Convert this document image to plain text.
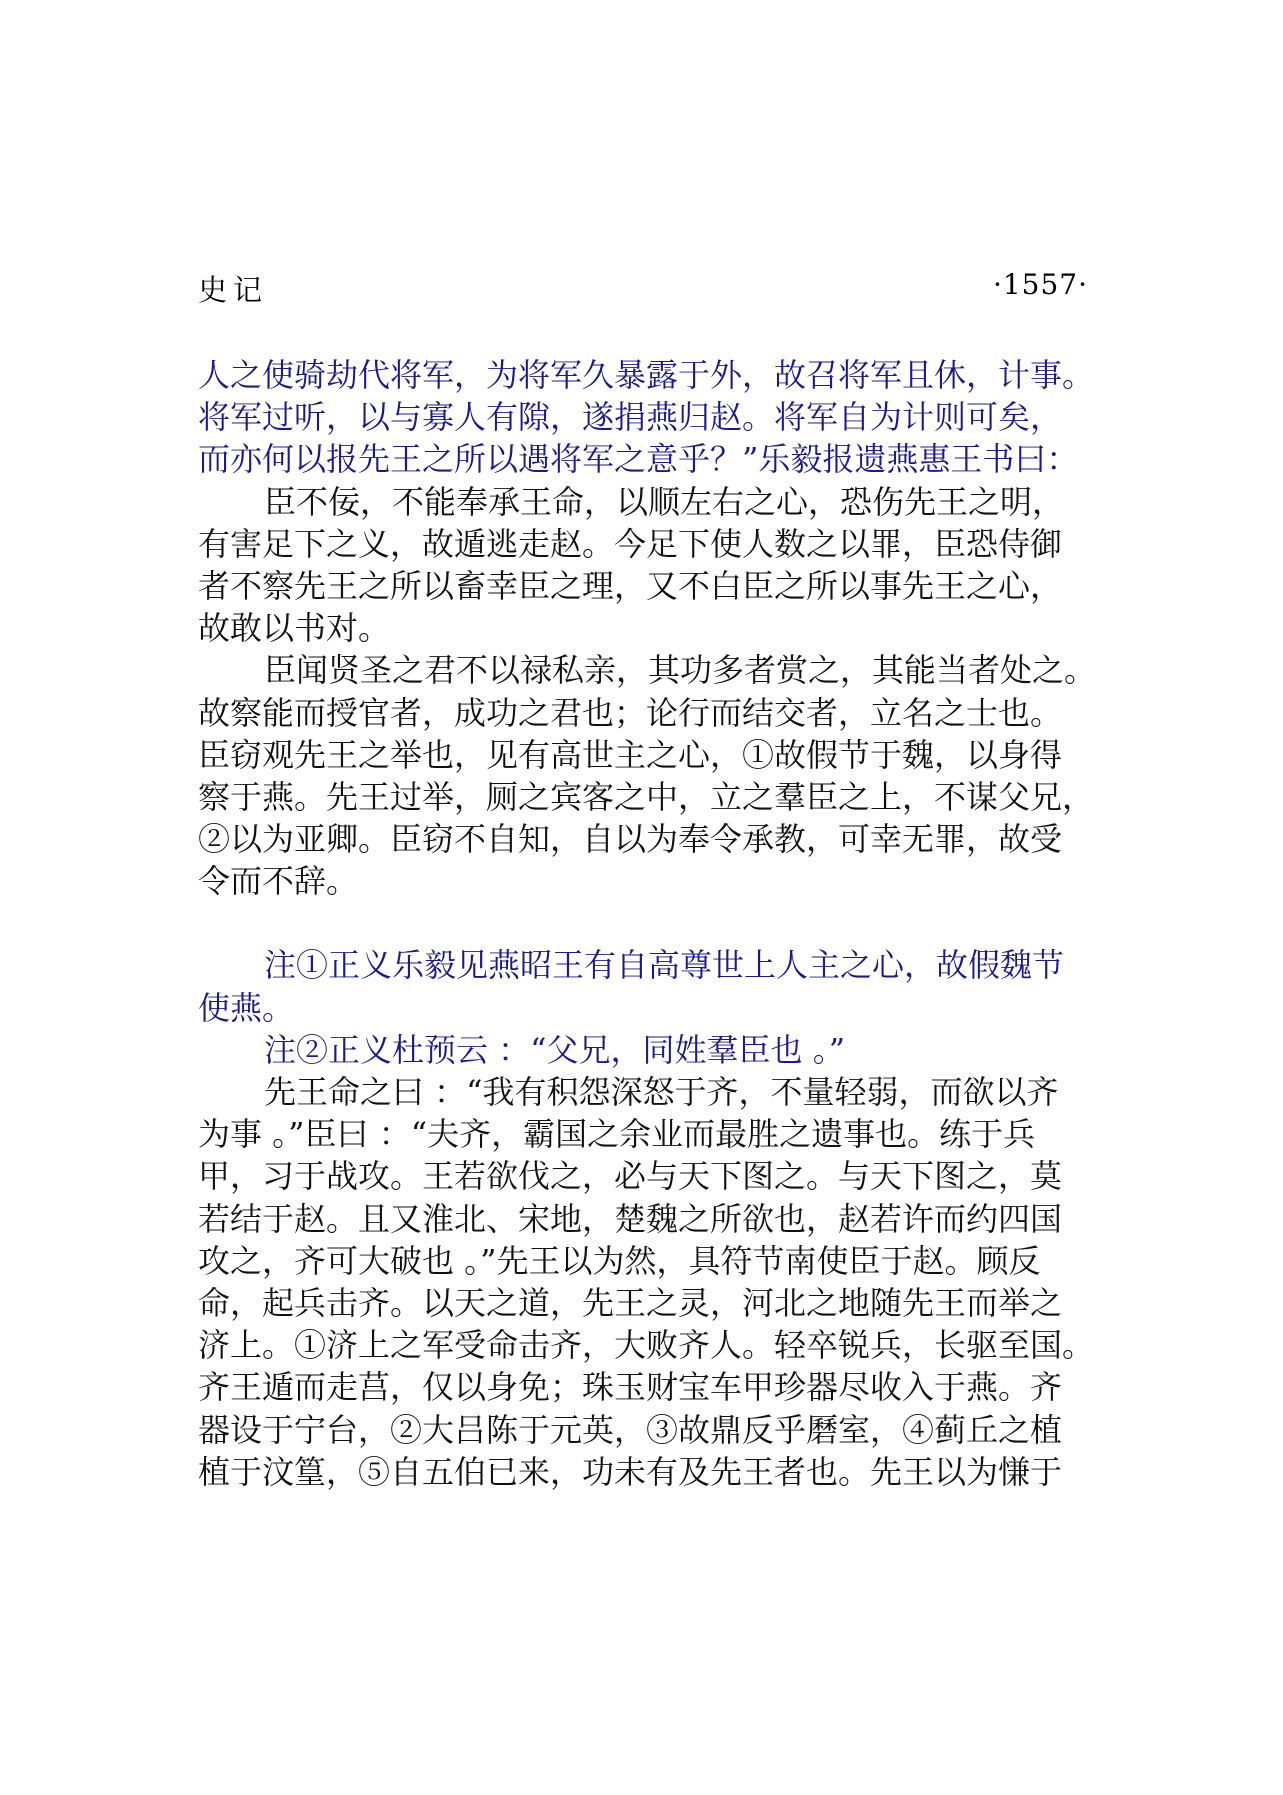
史记	·1557·
人之使骑劫代将军，为将军久暴露于外，故召将军且休，计事。
将军过听，以与寡人有隙，遂捐燕归赵。将军自为计则可矣，
而亦何以报先王之所以遇将军之意乎？”乐毅报遗燕惠王书曰：
臣不佞，不能奉承王命，以顺左右之心，恐伤先王之明，
有害足下之义，故遁逃走赵。今足下使人数之以罪，臣恐侍御
者不察先王之所以畜幸臣之理，又不白臣之所以事先王之心，
故敢以书对。
臣闻贤圣之君不以禄私亲，其功多者赏之，其能当者处之。
故察能而授官者，成功之君也；论行而结交者，立名之士也。
臣窃观先王之举也，见有高世主之心，①故假节于魏，以身得
察于燕。先王过举，厕之宾客之中，立之羣臣之上，不谋父兄，
②以为亚卿。臣窃不自知，自以为奉令承教，可幸无罪，故受
令而不辞。
注①正义乐毅见燕昭王有自高尊世上人主之心，故假魏节
使燕。
注②正义杜预云 ：“父兄，同姓羣臣也 。”
先王命之曰 ：“我有积怨深怒于齐，不量轻弱，而欲以齐
为事 。”臣曰 ：“夫齐，霸国之余业而最胜之遗事也。练于兵
甲，习于战攻。王若欲伐之，必与天下图之。与天下图之，莫
若结于赵。且又淮北、宋地，楚魏之所欲也，赵若许而约四国
攻之，齐可大破也 。”先王以为然，具符节南使臣于赵。顾反
命，起兵击齐。以天之道，先王之灵，河北之地随先王而举之
济上。①济上之军受命击齐，大败齐人。轻卒锐兵，长驱至国。
齐王遁而走莒，仅以身免；珠玉财宝车甲珍器尽收入于燕。齐
器设于宁台，②大吕陈于元英，③故鼎反乎磿室，④蓟丘之植
植于汶篁，⑤自五伯已来，功未有及先王者也。先王以为慊于
